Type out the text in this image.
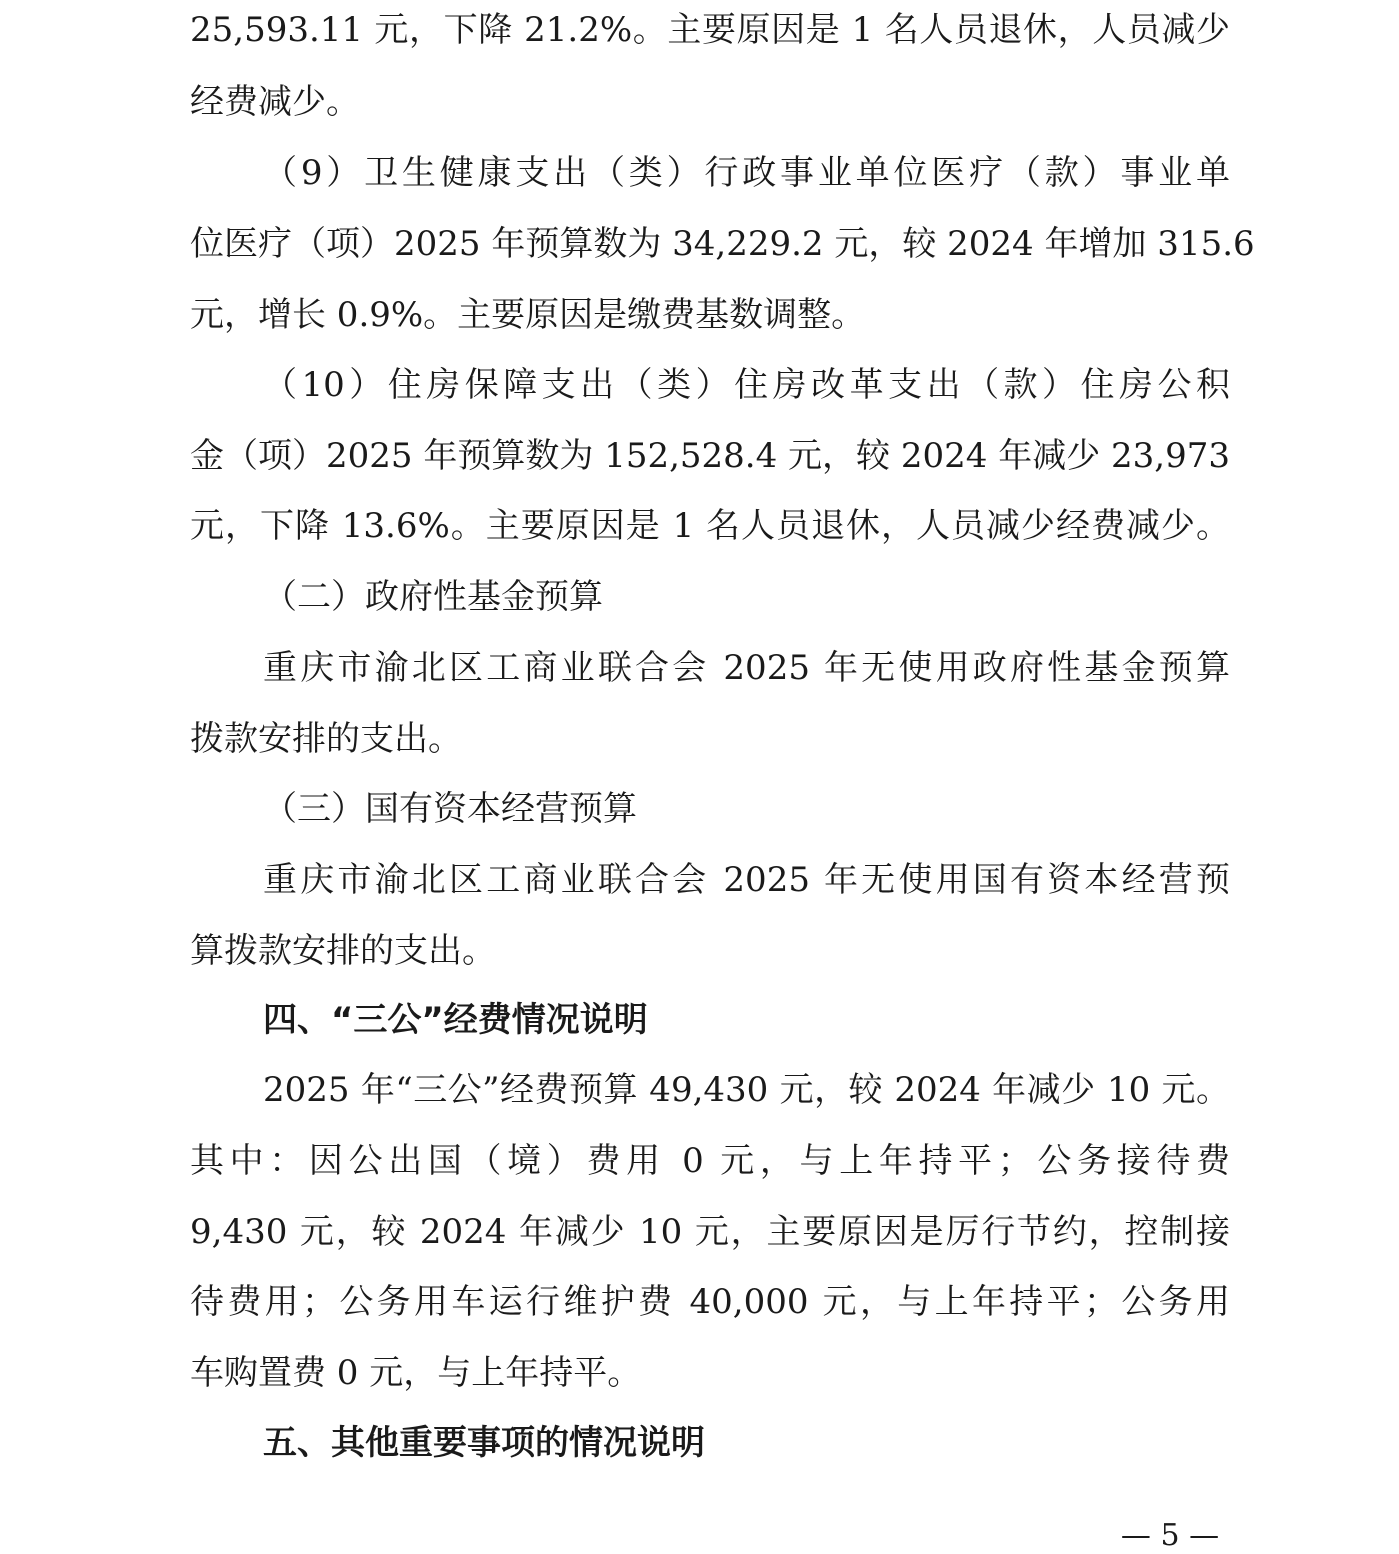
25,593.11 元，下降 21.2%。主要原因是 1 名人员退休，人员减少
经费减少。
（9）卫生健康支出（类）行政事业单位医疗（款）事业单
位医疗（项）2025 年预算数为 34,229.2 元，较 2024 年增加 315.6
元，增长 0.9%。主要原因是缴费基数调整。
（10）住房保障支出（类）住房改革支出（款）住房公积
金（项）2025 年预算数为 152,528.4 元，较 2024 年减少 23,973
元，下降 13.6%。主要原因是 1 名人员退休，人员减少经费减少。
（二）政府性基金预算
重庆市渝北区工商业联合会 2025 年无使用政府性基金预算
拨款安排的支出。
（三）国有资本经营预算
重庆市渝北区工商业联合会 2025 年无使用国有资本经营预
算拨款安排的支出。
四、“三公”经费情况说明
2025 年“三公”经费预算 49,430 元，较 2024 年减少 10 元。
其中：因公出国（境）费用 0 元，与上年持平；公务接待费
9,430 元，较 2024 年减少 10 元，主要原因是厉行节约，控制接
待费用；公务用车运行维护费 40,000 元，与上年持平；公务用
车购置费 0 元，与上年持平。
五、其他重要事项的情况说明
— 5 —
